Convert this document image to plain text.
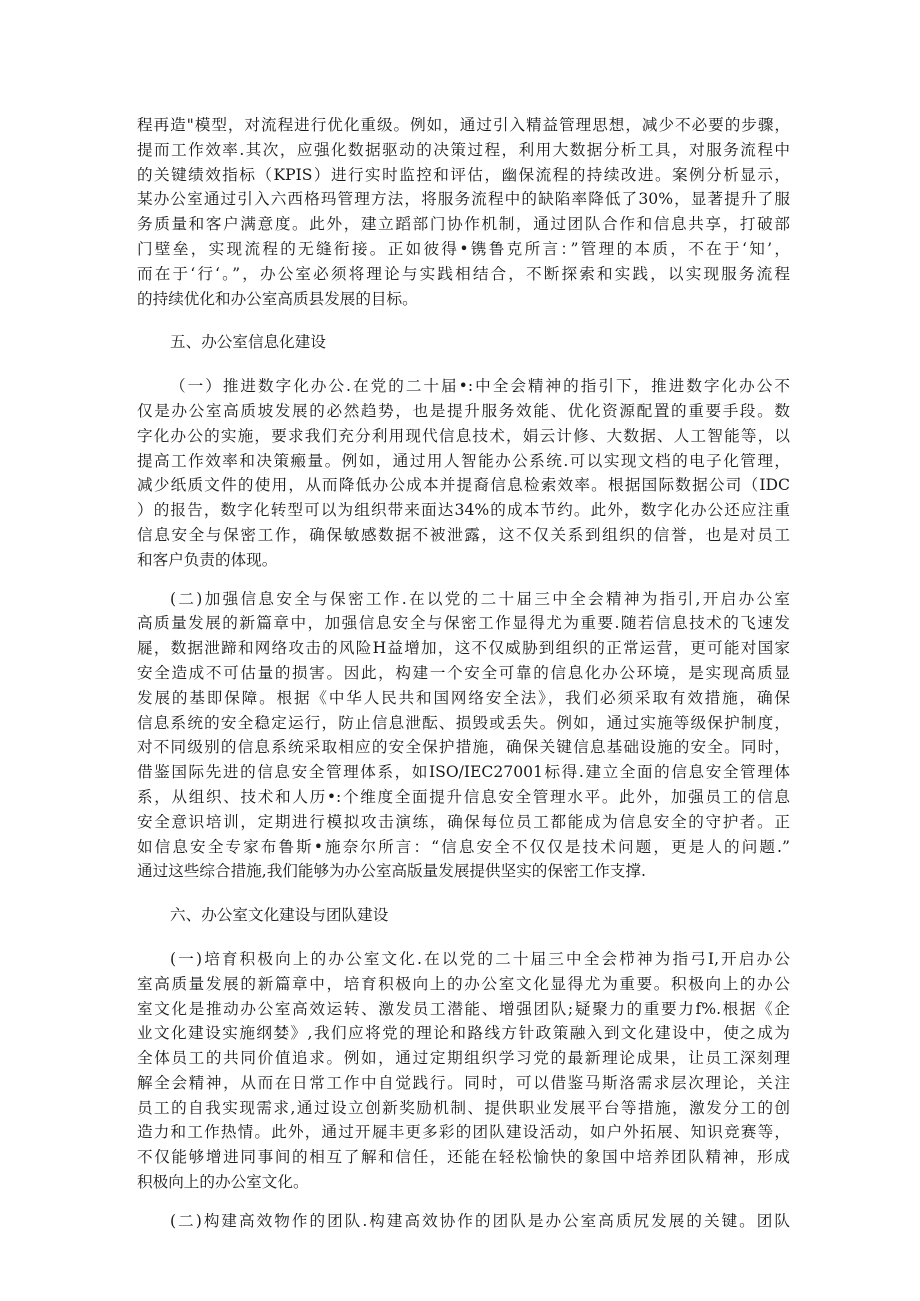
程再造"模型，对流程进行优化重级。例如，通过引入精益管理思想，减少不必要的步骤，
提而工作效率.其次，应强化数据驱动的决策过程，利用大数据分析工具，对服务流程中
的关键绩效指标（KPIS）进行实时监控和评估，幽保流程的持续改进。案例分析显示，
某办公室通过引入六西格玛管理方法，将服务流程中的缺陷率降低了30%，显著提升了服
务质量和客户满意度。此外，建立蹈部门协作机制，通过团队合作和信息共享，打破部
门壁垒，实现流程的无缝衔接。正如彼得•镌鲁克所言：”管理的本质，不在于‘知’，
而在于‘行‘。”，办公室必须将理论与实践相结合，不断探索和实践，以实现服务流程
的持续优化和办公室高质县发展的目标。
五、办公室信息化建设
（一）推进数字化办公.在党的二十届•:中全会精神的指引下，推进数字化办公不
仅是办公室高质坡发展的必然趋势，也是提升服务效能、优化资源配置的重要手段。数
字化办公的实施，要求我们充分利用现代信息技术，娟云计修、大数据、人工智能等，以
提高工作效率和决策瘢量。例如，通过用人智能办公系统.可以实现文档的电子化管理，
减少纸质文件的使用，从而降低办公成本并提裔信息检索效率。根据国际数据公司（IDC
）的报告，数字化转型可以为组织带来面达34%的成本节约。此外，数字化办公还应注重
信息安全与保密工作，确保敏感数据不被泄露，这不仅关系到组织的信誉，也是对员工
和客户负责的体现。
(二)加强信息安全与保密工作.在以党的二十届三中全会精神为指引,开启办公室
高质量发展的新篇章中，加强信息安全与保密工作显得尤为重要.随若信息技术的飞速发
屣，数据泄蹄和网络攻击的风险H益增加，这不仅威胁到组织的正常运营，更可能对国家
安全造成不可估量的损害。因此，构建一个安全可靠的信息化办公环境，是实现高质显
发展的基即保障。根据《中华人民共和国网络安全法》，我们必须采取有效措施，确保
信息系统的安全稳定运行，防止信息泄酝、损毁或丢失。例如，通过实施等级保护制度，
对不同级别的信息系统采取相应的安全保护措施，确保关键信息基础设施的安全。同时，
借鉴国际先进的信息安全管理体系，如ISO/IEC27001标得.建立全面的信息安全管理体
系，从组织、技术和人历•:个维度全面提升信息安全管理水平。此外，加强员工的信息
安全意识培训，定期进行模拟攻击演练，确保每位员工都能成为信息安全的守护者。正
如信息安全专家布鲁斯•施奈尔所言：“信息安全不仅仅是技术问题，更是人的问题.”
通过这些综合措施,我们能够为办公室高版量发展提供坚实的保密工作支撑.
六、办公室文化建设与团队建设
(一)培育积极向上的办公室文化.在以党的二十届三中全会栉神为指弓I,开启办公
室高质量发展的新篇章中，培育积极向上的办公室文化显得尤为重要。积极向上的办公
室文化是推动办公室高效运转、激发员工潜能、增强团队;疑聚力的重要力f%.根据《企
业文化建设实施纲婪》,我们应将党的理论和路线方针政策融入到文化建设中，使之成为
全体员工的共同价值追求。例如，通过定期组织学习党的最新理论成果，让员工深刻理
解全会精神，从而在日常工作中自觉践行。同时，可以借鉴马斯洛需求层次理论，关注
员工的自我实现需求,通过设立创新奖励机制、提供职业发展平台等措施，激发分工的创
造力和工作热情。此外，通过开屣丰更多彩的团队建设活动，如户外拓展、知识竞赛等，
不仅能够增进同事间的相互了解和信任，还能在轻松愉快的象国中培养团队精神，形成
积极向上的办公室文化。
(二)构建高效物作的团队.构建高效协作的团队是办公室高质尻发展的关键。团队
